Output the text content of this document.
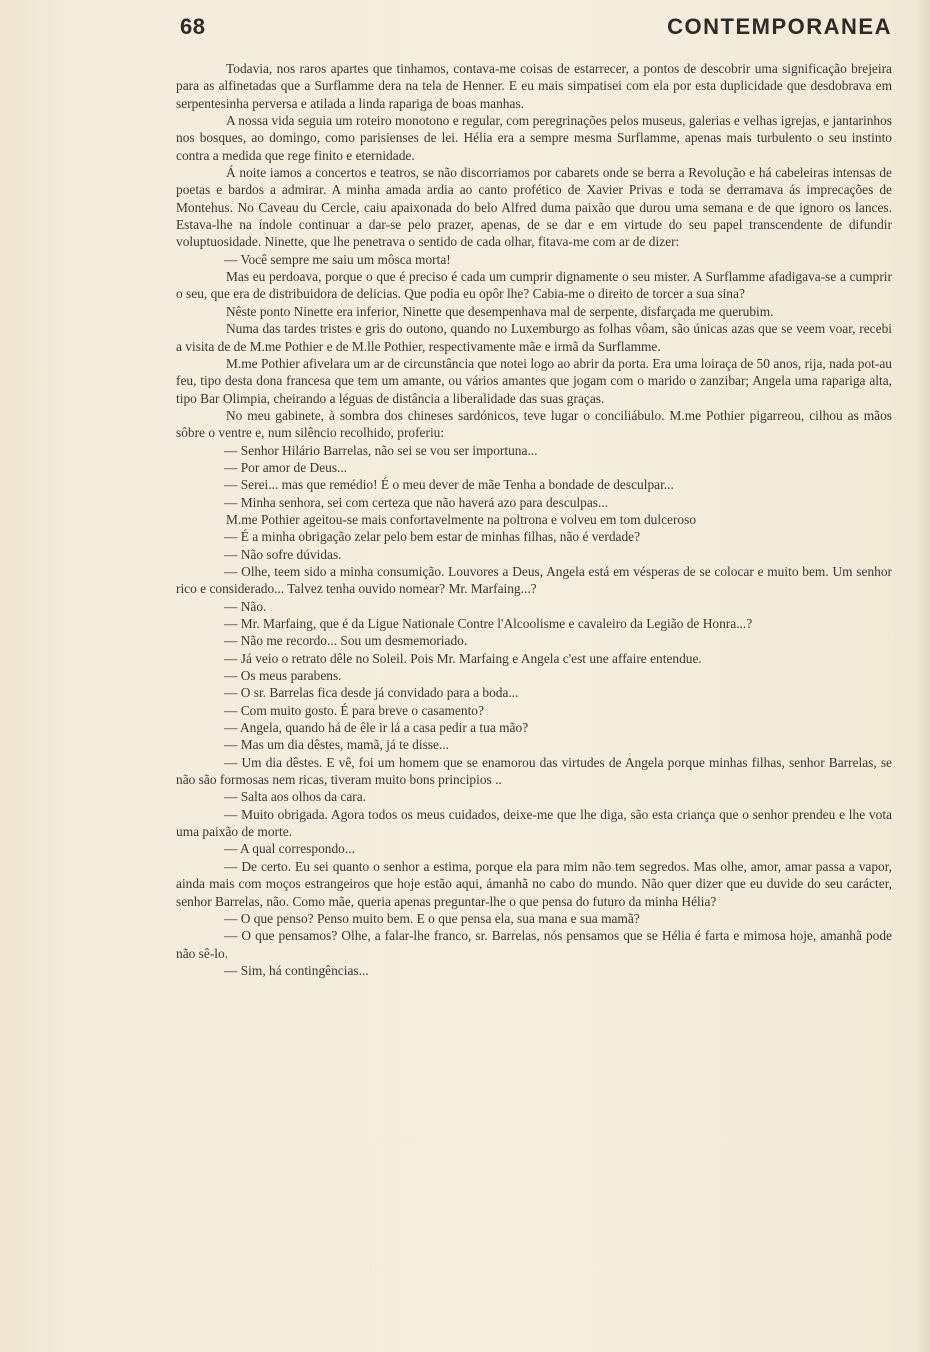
68	CONTEMPORANEA

Todavia, nos raros apartes que tinhamos, contava-me coisas de estarrecer, a pontos de descobrir uma significação brejeira para as alfinetadas que a Surflamme dera na tela de Henner. E eu mais simpatisei com ela por esta duplicidade que desdobrava em serpentesinha perversa e atilada a linda rapariga de boas manhas.

A nossa vida seguia um roteiro monotono e regular, com peregrinações pelos museus, galerias e velhas igrejas, e jantarinhos nos bosques, ao domingo, como parisienses de lei. Hélia era a sempre mesma Surflamme, apenas mais turbulento o seu instinto contra a medida que rege finito e eternidade.

Á noite iamos a concertos e teatros, se não discorriamos por cabarets onde se berra a Revolução e há cabeleiras intensas de poetas e bardos a admirar. A minha amada ardia ao canto profético de Xavier Privas e toda se derramava ás imprecações de Montehus. No Caveau du Cercle, caiu apaixonada do belo Alfred duma paixão que durou uma semana e de que ignoro os lances. Estava-lhe na índole continuar a dar-se pelo prazer, apenas, de se dar e em virtude do seu papel transcendente de difundir voluptuosidade. Ninette, que lhe penetrava o sentido de cada olhar, fitava-me com ar de dizer:

— Você sempre me saiu um môsca morta!

Mas eu perdoava, porque o que é preciso é cada um cumprir dignamente o seu mister. A Surflamme afadigava-se a cumprir o seu, que era de distribuidora de delicias. Que podia eu opôr lhe? Cabia-me o direito de torcer a sua sina?

Nêste ponto Ninette era inferior, Ninette que desempenhava mal de serpente, disfarçada me querubim.

Numa das tardes tristes e gris do outono, quando no Luxemburgo as folhas vôam, são únicas azas que se veem voar, recebi a visita de de M.me Pothier e de M.lle Pothier, respectivamente mãe e irmã da Surflamme.

M.me Pothier afivelara um ar de circunstância que notei logo ao abrir da porta. Era uma loiraça de 50 anos, rija, nada pot-au feu, tipo desta dona francesa que tem um amante, ou vários amantes que jogam com o marido o zanzibar; Angela uma rapariga alta, tipo Bar Olimpia, cheirando a léguas de distância a liberalidade das suas graças.

No meu gabinete, à sombra dos chineses sardónicos, teve lugar o conciliábulo. M.me Pothier pigarreou, cilhou as mãos sôbre o ventre e, num silêncio recolhido, proferiu:

— Senhor Hilário Barrelas, não sei se vou ser importuna...

— Por amor de Deus...

— Serei... mas que remédio! É o meu dever de mãe Tenha a bondade de desculpar...

— Minha senhora, sei com certeza que não haverá azo para desculpas...

M.me Pothier ageitou-se mais confortavelmente na poltrona e volveu em tom dulceroso

— É a minha obrigação zelar pelo bem estar de minhas filhas, não é verdade?

— Não sofre dúvidas.

— Olhe, teem sido a minha consumição. Louvores a Deus, Angela está em vésperas de se colocar e muito bem. Um senhor rico e considerado... Talvez tenha ouvido nomear? Mr. Marfaing...?

— Não.

— Mr. Marfaing, que é da Ligue Nationale Contre l'Alcoolisme e cavaleiro da Legião de Honra...?

— Não me recordo... Sou um desmemoriado.

— Já veio o retrato dêle no Soleil. Pois Mr. Marfaing e Angela c'est une affaire entendue.

— Os meus parabens.

— O sr. Barrelas fica desde já convidado para a boda...

— Com muito gosto. É para breve o casamento?

— Angela, quando há de êle ir lá a casa pedir a tua mão?

— Mas um dia dêstes, mamã, já te disse...

— Um dia dêstes. E vê, foi um homem que se enamorou das virtudes de Angela porque minhas filhas, senhor Barrelas, se não são formosas nem ricas, tiveram muito bons principios ..

— Salta aos olhos da cara.

— Muito obrigada. Agora todos os meus cuidados, deixe-me que lhe diga, são esta criança que o senhor prendeu e lhe vota uma paixão de morte.

— A qual correspondo...

— De certo. Eu sei quanto o senhor a estima, porque ela para mim não tem segredos. Mas olhe, amor, amar passa a vapor, ainda mais com moços estrangeiros que hoje estão aqui, ámanhã no cabo do mundo. Não quer dizer que eu duvide do seu carácter, senhor Barrelas, não. Como mãe, queria apenas preguntar-lhe o que pensa do futuro da minha Hélia?

— O que penso? Penso muito bem. E o que pensa ela, sua mana e sua mamã?

— O que pensamos? Olhe, a falar-lhe franco, sr. Barrelas, nós pensamos que se Hélia é farta e mimosa hoje, amanhã pode não sê-lo.

— Sim, há contingências...
